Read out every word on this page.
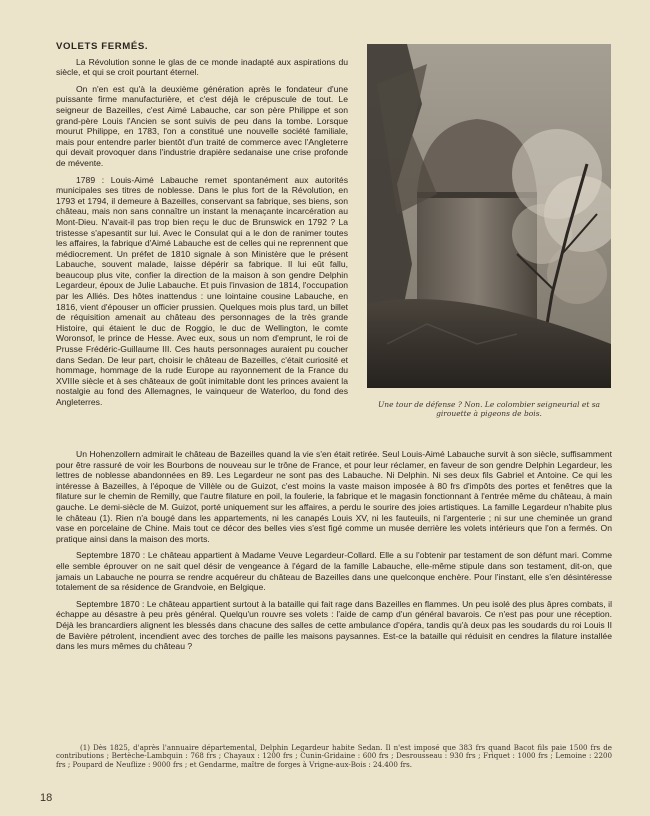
VOLETS FERMÉS.

La Révolution sonne le glas de ce monde inadapté aux aspirations du siècle, et qui se croit pourtant éternel.

On n'en est qu'à la deuxième génération après le fondateur d'une puissante firme manufacturière, et c'est déjà le crépuscule de tout. Le seigneur de Bazeilles, c'est Aimé Labauche, car son père Philippe et son grand-père Louis l'Ancien se sont suivis de peu dans la tombe. Lorsque mourut Philippe, en 1783, l'on a constitué une nouvelle société familiale, mais pour entendre parler bientôt d'un traité de commerce avec l'Angleterre qui devait provoquer dans l'industrie drapière sedanaise une crise profonde de mévente.

1789 : Louis-Aimé Labauche remet spontanément aux autorités municipales ses titres de noblesse. Dans le plus fort de la Révolution, en 1793 et 1794, il demeure à Bazeilles, conservant sa fabrique, ses biens, son château, mais non sans connaître un instant la menaçante incarcération au Mont-Dieu. N'avait-il pas trop bien reçu le duc de Brunswick en 1792 ? La tristesse s'apesantit sur lui. Avec le Consulat qui a le don de ranimer toutes les affaires, la fabrique d'Aimé Labauche est de celles qui ne reprennent que médiocrement. Un préfet de 1810 signale à son Ministère que le présent Labauche, souvent malade, laisse dépérir sa fabrique. Il lui eût fallu, beaucoup plus vite, confier la direction de la maison à son gendre Delphin Legardeur, époux de Julie Labauche. Et puis l'invasion de 1814, l'occupation par les Alliés. Des hôtes inattendus : une lointaine cousine Labauche, en 1816, vient d'épouser un officier prussien. Quelques mois plus tard, un billet de réquisition amenait au château des personnages de la très grande Histoire, qui étaient le duc de Roggio, le duc de Wellington, le comte Woronsof, le prince de Hesse. Avec eux, sous un nom d'emprunt, le roi de Prusse Frédéric-Guillaume III. Ces hauts personnages auraient pu coucher dans Sedan. De leur part, choisir le château de Bazeilles, c'était curiosité et hommage, hommage de la rude Europe au rayonnement de la France du XVIIIe siècle et à ses châteaux de goût inimitable dont les princes avaient la nostalgie au fond des Allemagnes, le vainqueur de Waterloo, du fond des Angleterres.	Une tour de défense ? Non. Le colombier seigneurial et sa girouette à pigeons de bois.

Un Hohenzollern admirait le château de Bazeilles quand la vie s'en était retirée. Seul Louis-Aimé Labauche survit à son siècle, suffisamment pour être rassuré de voir les Bourbons de nouveau sur le trône de France, et pour leur réclamer, en faveur de son gendre Delphin Legardeur, les lettres de noblesse abandonnées en 89. Les Legardeur ne sont pas des Labauche. Ni Delphin. Ni ses deux fils Gabriel et Antoine. Ce qui les intéresse à Bazeilles, à l'époque de Villèle ou de Guizot, c'est moins la vaste maison imposée à 80 frs d'impôts des portes et fenêtres que la filature sur le chemin de Remilly, que l'autre filature en poil, la foulerie, la fabrique et le magasin fonctionnant à l'entrée même du château, à main gauche. Le demi-siècle de M. Guizot, porté uniquement sur les affaires, a perdu le sourire des joies artistiques. La famille Legardeur n'habite plus le château (1). Rien n'a bougé dans les appartements, ni les canapés Louis XV, ni les fauteuils, ni l'argenterie ; ni sur une cheminée un grand vase en porcelaine de Chine. Mais tout ce décor des belles vies s'est figé comme un musée derrière les volets intérieurs que l'on a fermés. On pratique ainsi dans la maison des morts.

Septembre 1870 : Le château appartient à Madame Veuve Legardeur-Collard. Elle a su l'obtenir par testament de son défunt mari. Comme elle semble éprouver on ne sait quel désir de vengeance à l'égard de la famille Labauche, elle-même stipule dans son testament, dit-on, que jamais un Labauche ne pourra se rendre acquéreur du château de Bazeilles dans une quelconque enchère. Pour l'instant, elle s'en désintéresse totalement de sa résidence de Grandvoie, en Belgique.

Septembre 1870 : Le château appartient surtout à la bataille qui fait rage dans Bazeilles en flammes. Un peu isolé des plus âpres combats, il échappe au désastre à peu près général. Quelqu'un rouvre ses volets : l'aide de camp d'un général bavarois. Ce n'est pas pour une réception. Déjà les brancardiers alignent les blessés dans chacune des salles de cette ambulance d'opéra, tandis qu'à deux pas les soudards du roi Louis II de Bavière pétrolent, incendient avec des torches de paille les maisons paysannes. Est-ce la bataille qui réduisit en cendres la filature installée dans les murs mêmes du château ?

(1) Dès 1825, d'après l'annuaire départemental, Delphin Legardeur habite Sedan. Il n'est imposé que 383 frs quand Bacot fils paie 1500 frs de contributions ; Bertèche-Lambquin : 768 frs ; Chayaux : 1200 frs ; Cunin-Gridaine : 600 frs ; Desrousseau : 930 frs ; Friquet : 1000 frs ; Lemoine : 2200 frs ; Poupard de Neuflize : 9000 frs ; et Gendarme, maître de forges à Vrigne-aux-Bois : 24.400 frs.

18
